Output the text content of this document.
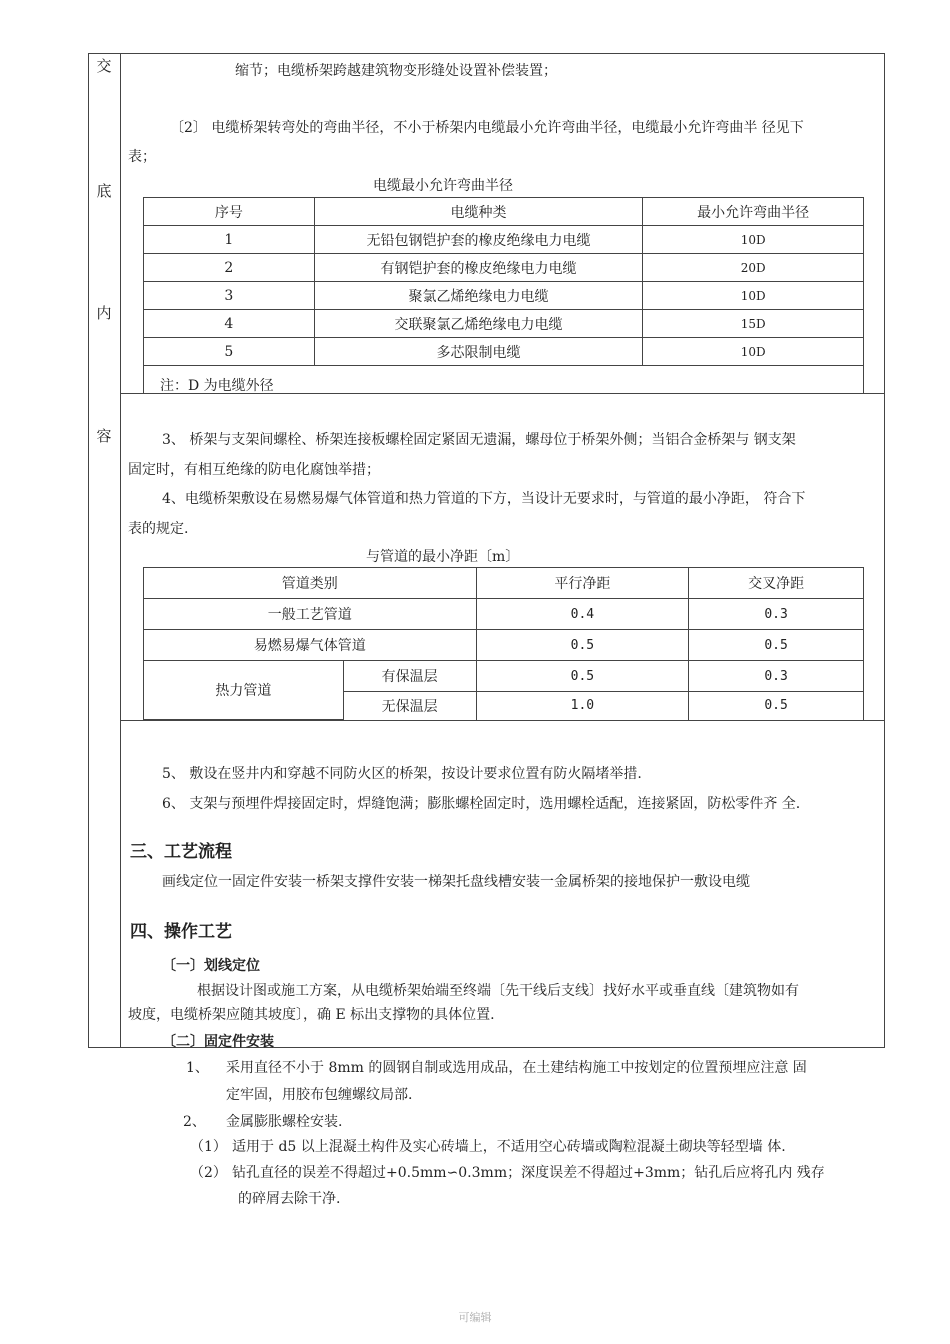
交
底
内
容
缩节；电缆桥架跨越建筑物变形缝处设置补偿装置；
〔2〕 电缆桥架转弯处的弯曲半径，不小于桥架内电缆最小允许弯曲半径，电缆最小允许弯曲半 径见下
表；
电缆最小允许弯曲半径
序号	电缆种类	最小允许弯曲半径
1	无铅包钢铠护套的橡皮绝缘电力电缆	10D
2	有钢铠护套的橡皮绝缘电力电缆	20D
3	聚氯乙烯绝缘电力电缆	10D
4	交联聚氯乙烯绝缘电力电缆	15D
5	多芯限制电缆	10D
注：D 为电缆外径
3、 桥架与支架间螺栓、桥架连接板螺栓固定紧固无遗漏，螺母位于桥架外侧；当铝合金桥架与 钢支架
固定时，有相互绝缘的防电化腐蚀举措；
4、电缆桥架敷设在易燃易爆气体管道和热力管道的下方，当设计无要求时，与管道的最小净距， 符合下
表的规定.
与管道的最小净距〔m〕
管道类别		平行净距	交叉净距
一般工艺管道		0.4	0.3
易燃易爆气体管道		0.5	0.5
热力管道	有保温层	0.5	0.3
	无保温层	1.0	0.5
5、 敷设在竖井内和穿越不同防火区的桥架，按设计要求位置有防火隔堵举措.
6、 支架与预埋件焊接固定时，焊缝饱满；膨胀螺栓固定时，选用螺栓适配，连接紧固，防松零件齐 全.
三、工艺流程
画线定位一固定件安装一桥架支撑件安装一梯架托盘线槽安装一金属桥架的接地保护一敷设电缆
四、操作工艺
〔一〕划线定位
根据设计图或施工方案，从电缆桥架始端至终端〔先干线后支线〕找好水平或垂直线〔建筑物如有
坡度，电缆桥架应随其坡度〕，确 E 标出支撑物的具体位置.
〔二〕固定件安装
1、 采用直径不小于 8mm 的圆钢自制或选用成品，在土建结构施工中按划定的位置预埋应注意 固
定牢固，用胶布包缠螺纹局部.
2、 金属膨胀螺栓安装.
（1） 适用于 d5 以上混凝土构件及实心砖墙上，不适用空心砖墙或陶粒混凝土砌块等轻型墙 体.
（2） 钻孔直径的误差不得超过+0.5mm∽0.3mm；深度误差不得超过+3mm；钻孔后应将孔内 残存
的碎屑去除干净.
可编辑
